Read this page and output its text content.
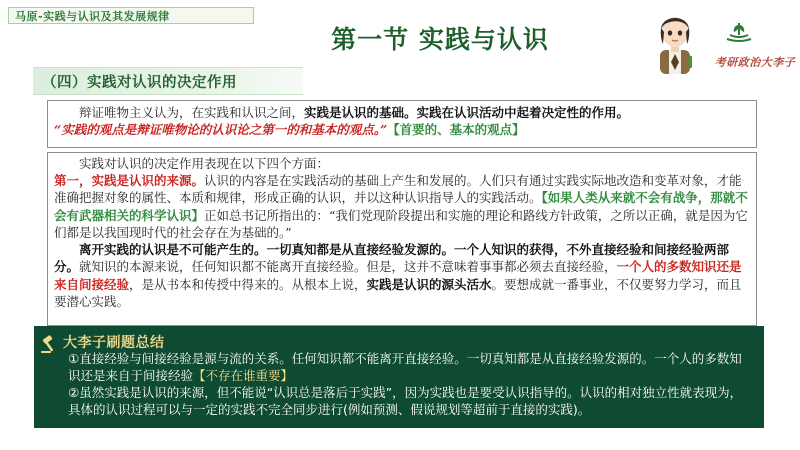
马原-实践与认识及其发展规律
第一节 实践与认识
考研政治大李子
（四）实践对认识的决定作用
辩证唯物主义认为，在实践和认识之间，实践是认识的基础。实践在认识活动中起着决定性的作用。
“实践的观点是辩证唯物论的认识论之第一的和基本的观点。”【首要的、基本的观点】
实践对认识的决定作用表现在以下四个方面：
第一，实践是认识的来源。认识的内容是在实践活动的基础上产生和发展的。人们只有通过实践实际地改造和变革对象，才能准确把握对象的属性、本质和规律，形成正确的认识，并以这种认识指导人的实践活动。【如果人类从来就不会有战争，那就不会有武器相关的科学认识】正如总书记所指出的：“我们党现阶段提出和实施的理论和路线方针政策，之所以正确，就是因为它们都是以我国现时代的社会存在为基础的。”
离开实践的认识是不可能产生的。一切真知都是从直接经验发源的。一个人知识的获得，不外直接经验和间接经验两部分。就知识的本源来说，任何知识都不能离开直接经验。但是，这并不意味着事事都必须去直接经验，一个人的多数知识还是来自间接经验，是从书本和传授中得来的。从根本上说，实践是认识的源头活水。要想成就一番事业，不仅要努力学习，而且要潜心实践。
大李子刷题总结
①直接经验与间接经验是源与流的关系。任何知识都不能离开直接经验。一切真知都是从直接经验发源的。一个人的多数知识还是来自于间接经验【不存在谁重要】
②虽然实践是认识的来源，但不能说“认识总是落后于实践”，因为实践也是要受认识指导的。认识的相对独立性就表现为，具体的认识过程可以与一定的实践不完全同步进行(例如预测、假说规划等超前于直接的实践)。
